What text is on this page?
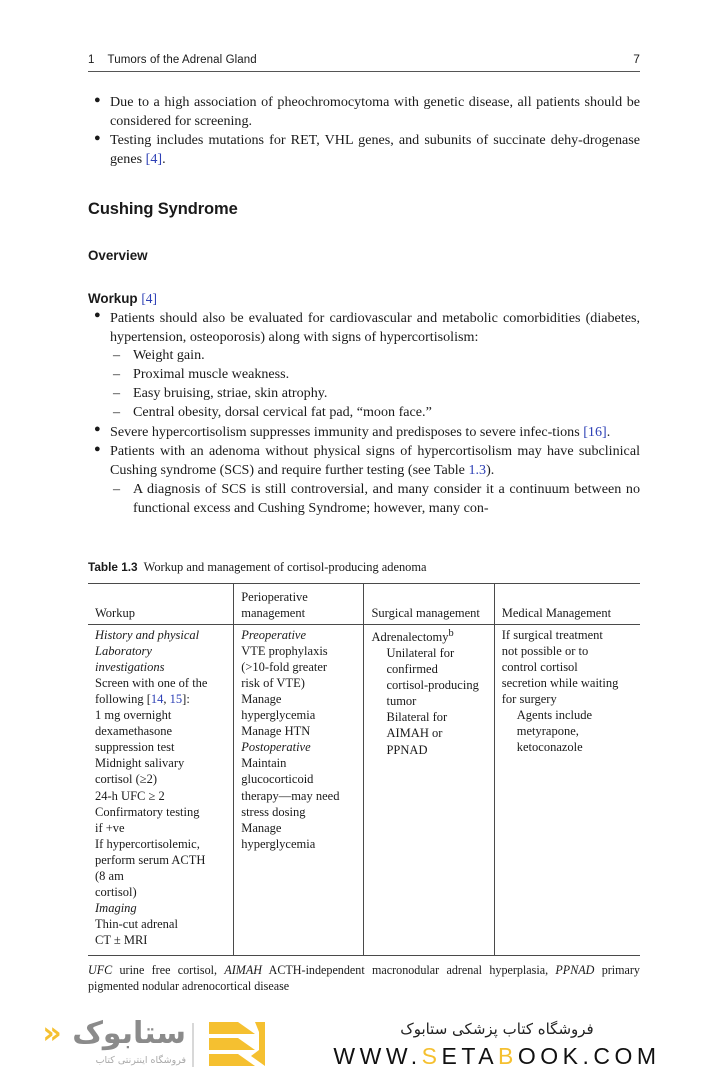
1 Tumors of the Adrenal Gland	7
● Due to a high association of pheochromocytoma with genetic disease, all patients should be considered for screening.
● Testing includes mutations for RET, VHL genes, and subunits of succinate dehy-drogenase genes [4].
Cushing Syndrome
Overview
Workup [4]
● Patients should also be evaluated for cardiovascular and metabolic comorbidities (diabetes, hypertension, osteoporosis) along with signs of hypercortisolism:
– Weight gain.
– Proximal muscle weakness.
– Easy bruising, striae, skin atrophy.
– Central obesity, dorsal cervical fat pad, “moon face.”
● Severe hypercortisolism suppresses immunity and predisposes to severe infec-tions [16].
● Patients with an adenoma without physical signs of hypercortisolism may have subclinical Cushing syndrome (SCS) and require further testing (see Table 1.3).
– A diagnosis of SCS is still controversial, and many consider it a continuum between no functional excess and Cushing Syndrome; however, many con-
Table 1.3 Workup and management of cortisol-producing adenoma
Workup	Perioperative management	Surgical management	Medical Management

History and physical
Laboratory
investigations
Screen with one of the
following [14, 15]:
1 mg overnight
dexamethasone
suppression test
Midnight salivary
cortisol (≥2)
24-h UFC ≥ 2
Confirmatory testing
if +ve
If hypercortisolemic,
perform serum ACTH
(8 am
cortisol)
Imaging
Thin-cut adrenal
CT ± MRI

Preoperative
VTE prophylaxis
(>10-fold greater
risk of VTE)
Manage
hyperglycemia
Manage HTN
Postoperative
Maintain
glucocorticoid
therapy—may need
stress dosing
Manage
hyperglycemia

Adrenalectomy$^b$
Unilateral for
confirmed
cortisol-producing
tumor
Bilateral for
AIMAH or
PPNAD

If surgical treatment
not possible or to
control cortisol
secretion while waiting
for surgery
Agents include
metyrapone,
ketoconazole
UFC urine free cortisol, AIMAH ACTH-independent macronodular adrenal hyperplasia, PPNAD primary pigmented nodular adrenocortical disease
ستابوک «
فروشگاه اینترنتی کتاب
فروشگاه کتاب پزشکی ستابوک
WWW.SETABOOK.COM
